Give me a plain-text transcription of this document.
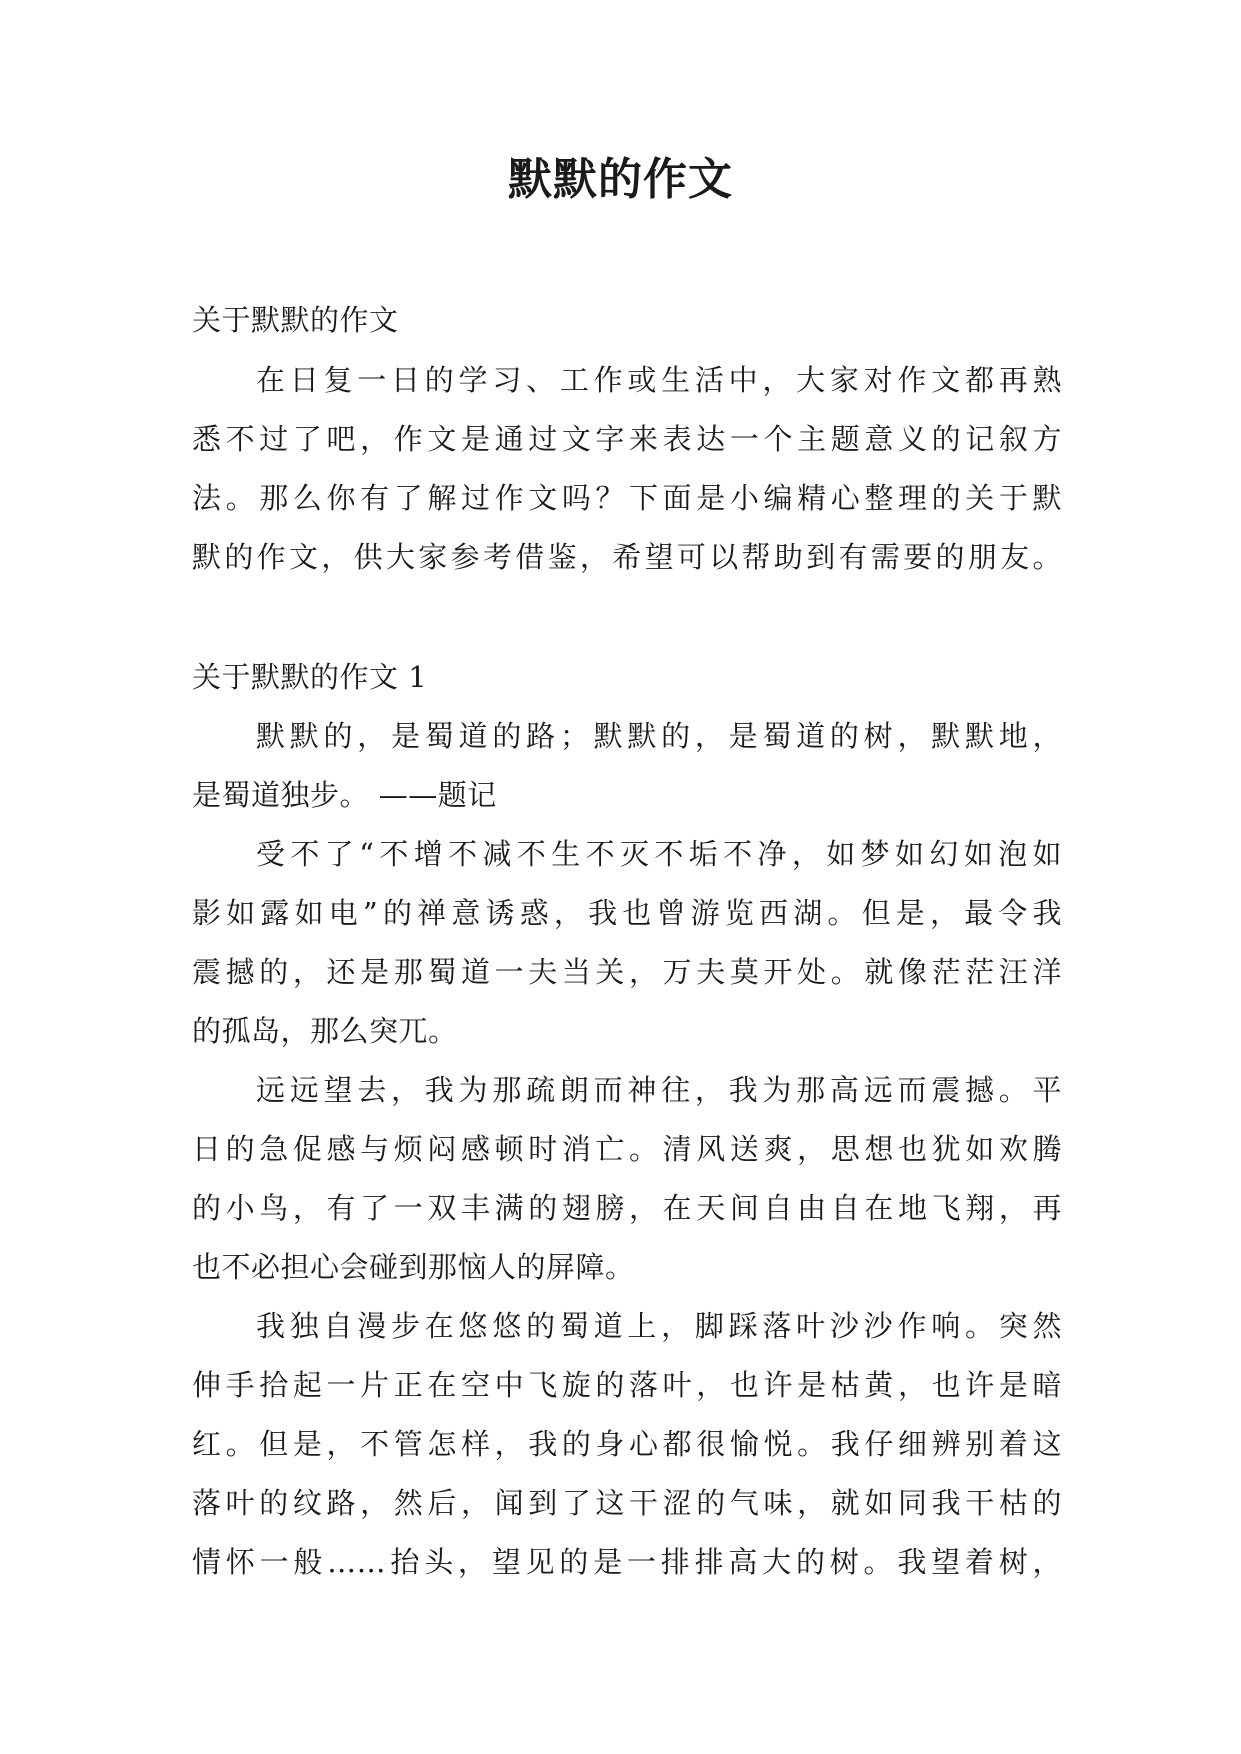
默默的作文

关于默默的作文

在日复一日的学习、工作或生活中，大家对作文都再熟

悉不过了吧，作文是通过文字来表达一个主题意义的记叙方

法。那么你有了解过作文吗？下面是小编精心整理的关于默

默的作文，供大家参考借鉴，希望可以帮助到有需要的朋友。

关于默默的作文 1

默默的，是蜀道的路；默默的，是蜀道的树，默默地，

是蜀道独步。 ——题记

受不了“不增不减不生不灭不垢不净，如梦如幻如泡如

影如露如电”的禅意诱惑，我也曾游览西湖。但是，最令我

震撼的，还是那蜀道一夫当关，万夫莫开处。就像茫茫汪洋

的孤岛，那么突兀。

远远望去，我为那疏朗而神往，我为那高远而震撼。平

日的急促感与烦闷感顿时消亡。清风送爽，思想也犹如欢腾

的小鸟，有了一双丰满的翅膀，在天间自由自在地飞翔，再

也不必担心会碰到那恼人的屏障。

我独自漫步在悠悠的蜀道上，脚踩落叶沙沙作响。突然

伸手拾起一片正在空中飞旋的落叶，也许是枯黄，也许是暗

红。但是，不管怎样，我的身心都很愉悦。我仔细辨别着这

落叶的纹路，然后，闻到了这干涩的气味，就如同我干枯的

情怀一般……抬头，望见的是一排排高大的树。我望着树，
